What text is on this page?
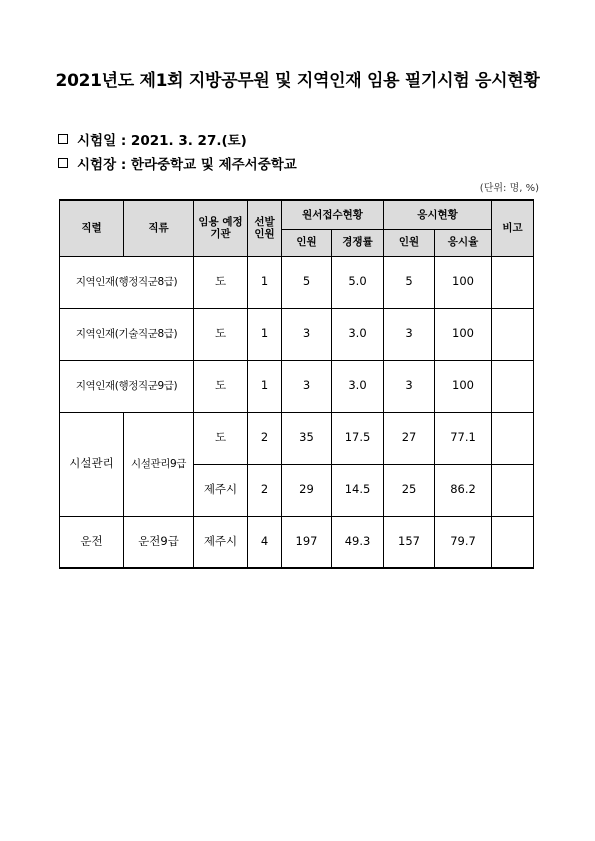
2021년도 제1회 지방공무원 및 지역인재 임용 필기시험 응시현황
시험일 : 2021. 3. 27.(토)
시험장 : 한라중학교 및 제주서중학교
(단위: 명, %)
직렬	직류	임용 예정 기관	선발 인원	원서접수현황		응시현황		비고
				인원	경쟁률	인원	응시율	
지역인재(행정직군8급)		도	1	5	5.0	5	100	
지역인재(기술직군8급)		도	1	3	3.0	3	100	
지역인재(행정직군9급)		도	1	3	3.0	3	100	
시설관리	시설관리9급	도	2	35	17.5	27	77.1	
		제주시	2	29	14.5	25	86.2	
운전	운전9급	제주시	4	197	49.3	157	79.7	
